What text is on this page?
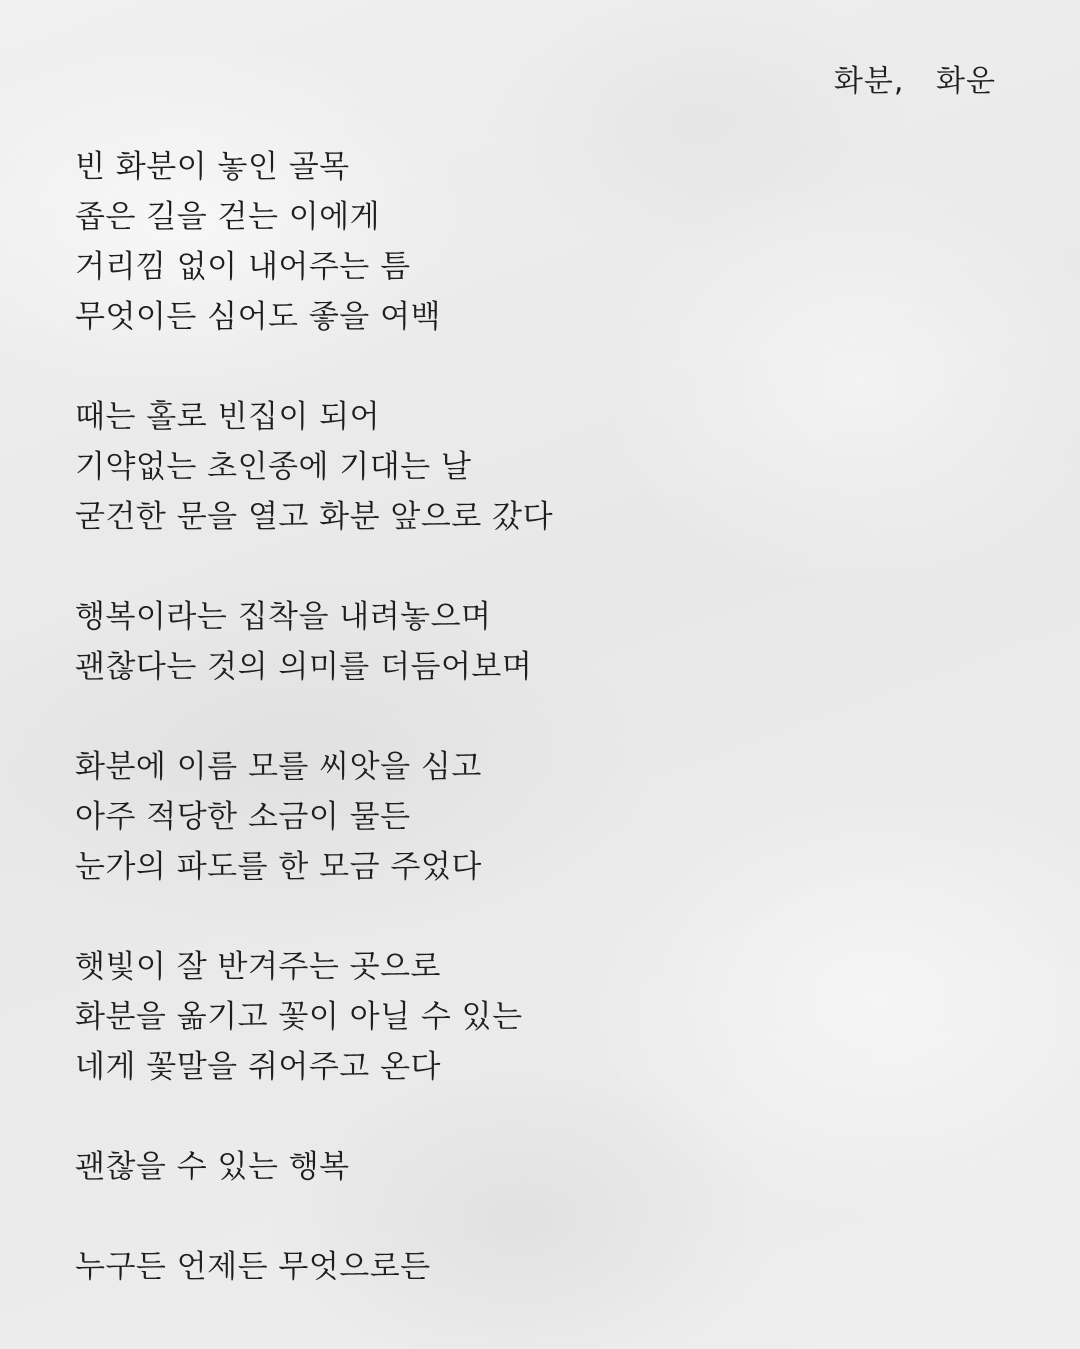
화분,   화운
빈 화분이 놓인 골목
좁은 길을 걷는 이에게
거리낌 없이 내어주는 틈
무엇이든 심어도 좋을 여백
때는 홀로 빈집이 되어
기약없는 초인종에 기대는 날
굳건한 문을 열고 화분 앞으로 갔다
행복이라는 집착을 내려놓으며
괜찮다는 것의 의미를 더듬어보며
화분에 이름 모를 씨앗을 심고
아주 적당한 소금이 물든
눈가의 파도를 한 모금 주었다
햇빛이 잘 반겨주는 곳으로
화분을 옮기고 꽃이 아닐 수 있는
네게 꽃말을 쥐어주고 온다
괜찮을 수 있는 행복
누구든 언제든 무엇으로든
